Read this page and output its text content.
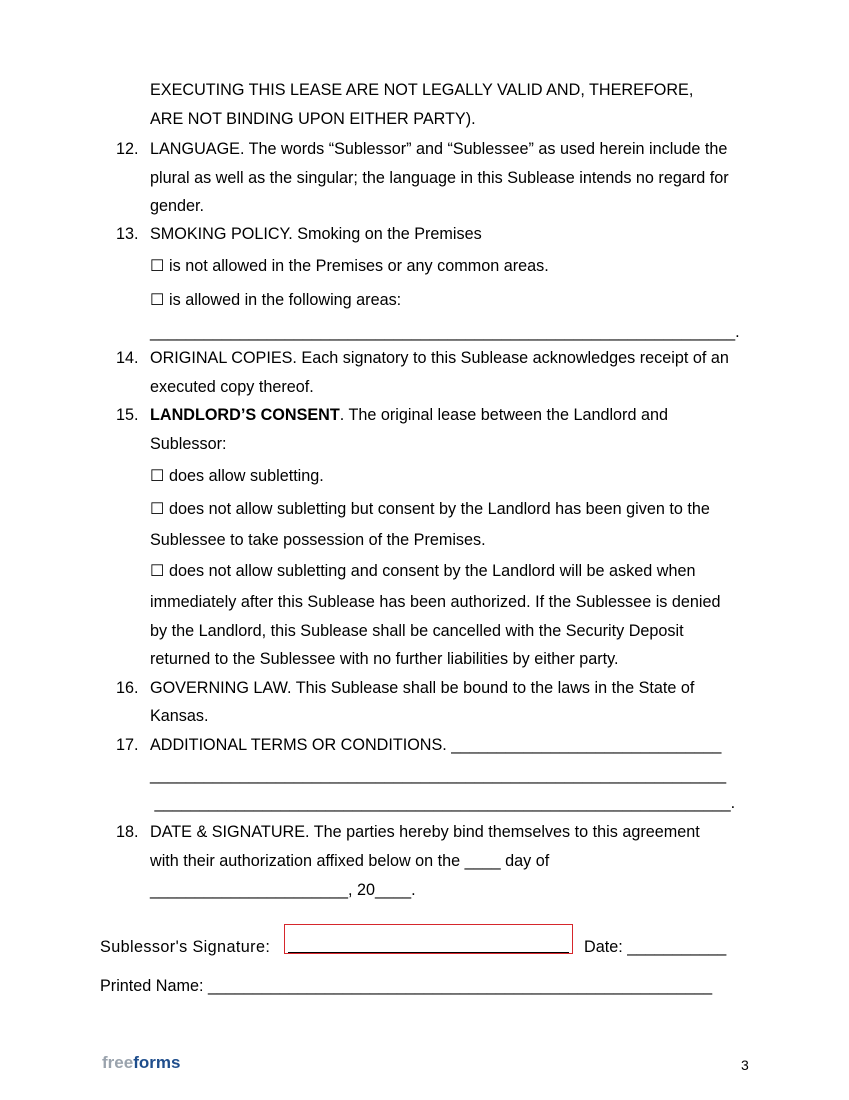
EXECUTING THIS LEASE ARE NOT LEGALLY VALID AND, THEREFORE,
ARE NOT BINDING UPON EITHER PARTY).
12. LANGUAGE. The words “Sublessor” and “Sublessee” as used herein include the
plural as well as the singular; the language in this Sublease intends no regard for
gender.
13. SMOKING POLICY. Smoking on the Premises
☐ is not allowed in the Premises or any common areas.
☐ is allowed in the following areas:
_________________________________________________________________.
14. ORIGINAL COPIES. Each signatory to this Sublease acknowledges receipt of an
executed copy thereof.
15. LANDLORD’S CONSENT. The original lease between the Landlord and
Sublessor:
☐ does allow subletting.
☐ does not allow subletting but consent by the Landlord has been given to the
Sublessee to take possession of the Premises.
☐ does not allow subletting and consent by the Landlord will be asked when
immediately after this Sublease has been authorized. If the Sublessee is denied
by the Landlord, this Sublease shall be cancelled with the Security Deposit
returned to the Sublessee with no further liabilities by either party.
16. GOVERNING LAW. This Sublease shall be bound to the laws in the State of
Kansas.
17. ADDITIONAL TERMS OR CONDITIONS. ______________________________
________________________________________________________________
________________________________________________________________.
18. DATE & SIGNATURE. The parties hereby bind themselves to this agreement
with their authorization affixed below on the ____ day of
______________________, 20____.
Sublessor's Signature:	Date: ___________
Printed Name: ________________________________________________________
freeforms	3
